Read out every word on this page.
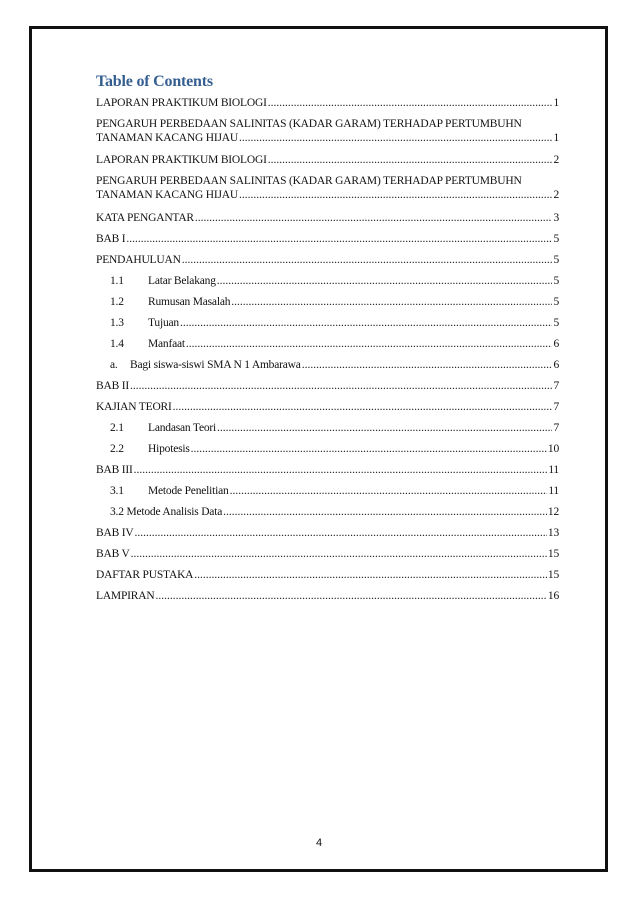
Table of Contents
LAPORAN PRAKTIKUM BIOLOGI .....	1
PENGARUH PERBEDAAN SALINITAS (KADAR GARAM) TERHADAP PERTUMBUHN
TANAMAN KACANG HIJAU .....	1
LAPORAN PRAKTIKUM BIOLOGI .....	2
PENGARUH PERBEDAAN SALINITAS (KADAR GARAM) TERHADAP PERTUMBUHN
TANAMAN KACANG HIJAU .....	2
KATA PENGANTAR .....	3
BAB I .....	5
PENDAHULUAN .....	5
1.1	Latar Belakang .....	5
1.2	Rumusan Masalah .....	5
1.3	Tujuan .....	5
1.4	Manfaat .....	6
a.	Bagi siswa-siswi SMA N 1 Ambarawa .....	6
BAB II .....	7
KAJIAN TEORI .....	7
2.1	Landasan Teori .....	7
2.2	Hipotesis .....	10
BAB III .....	11
3.1	Metode Penelitian .....	11
3.2 Metode Analisis Data .....	12
BAB IV .....	13
BAB V .....	15
DAFTAR PUSTAKA .....	15
LAMPIRAN .....	16
4
